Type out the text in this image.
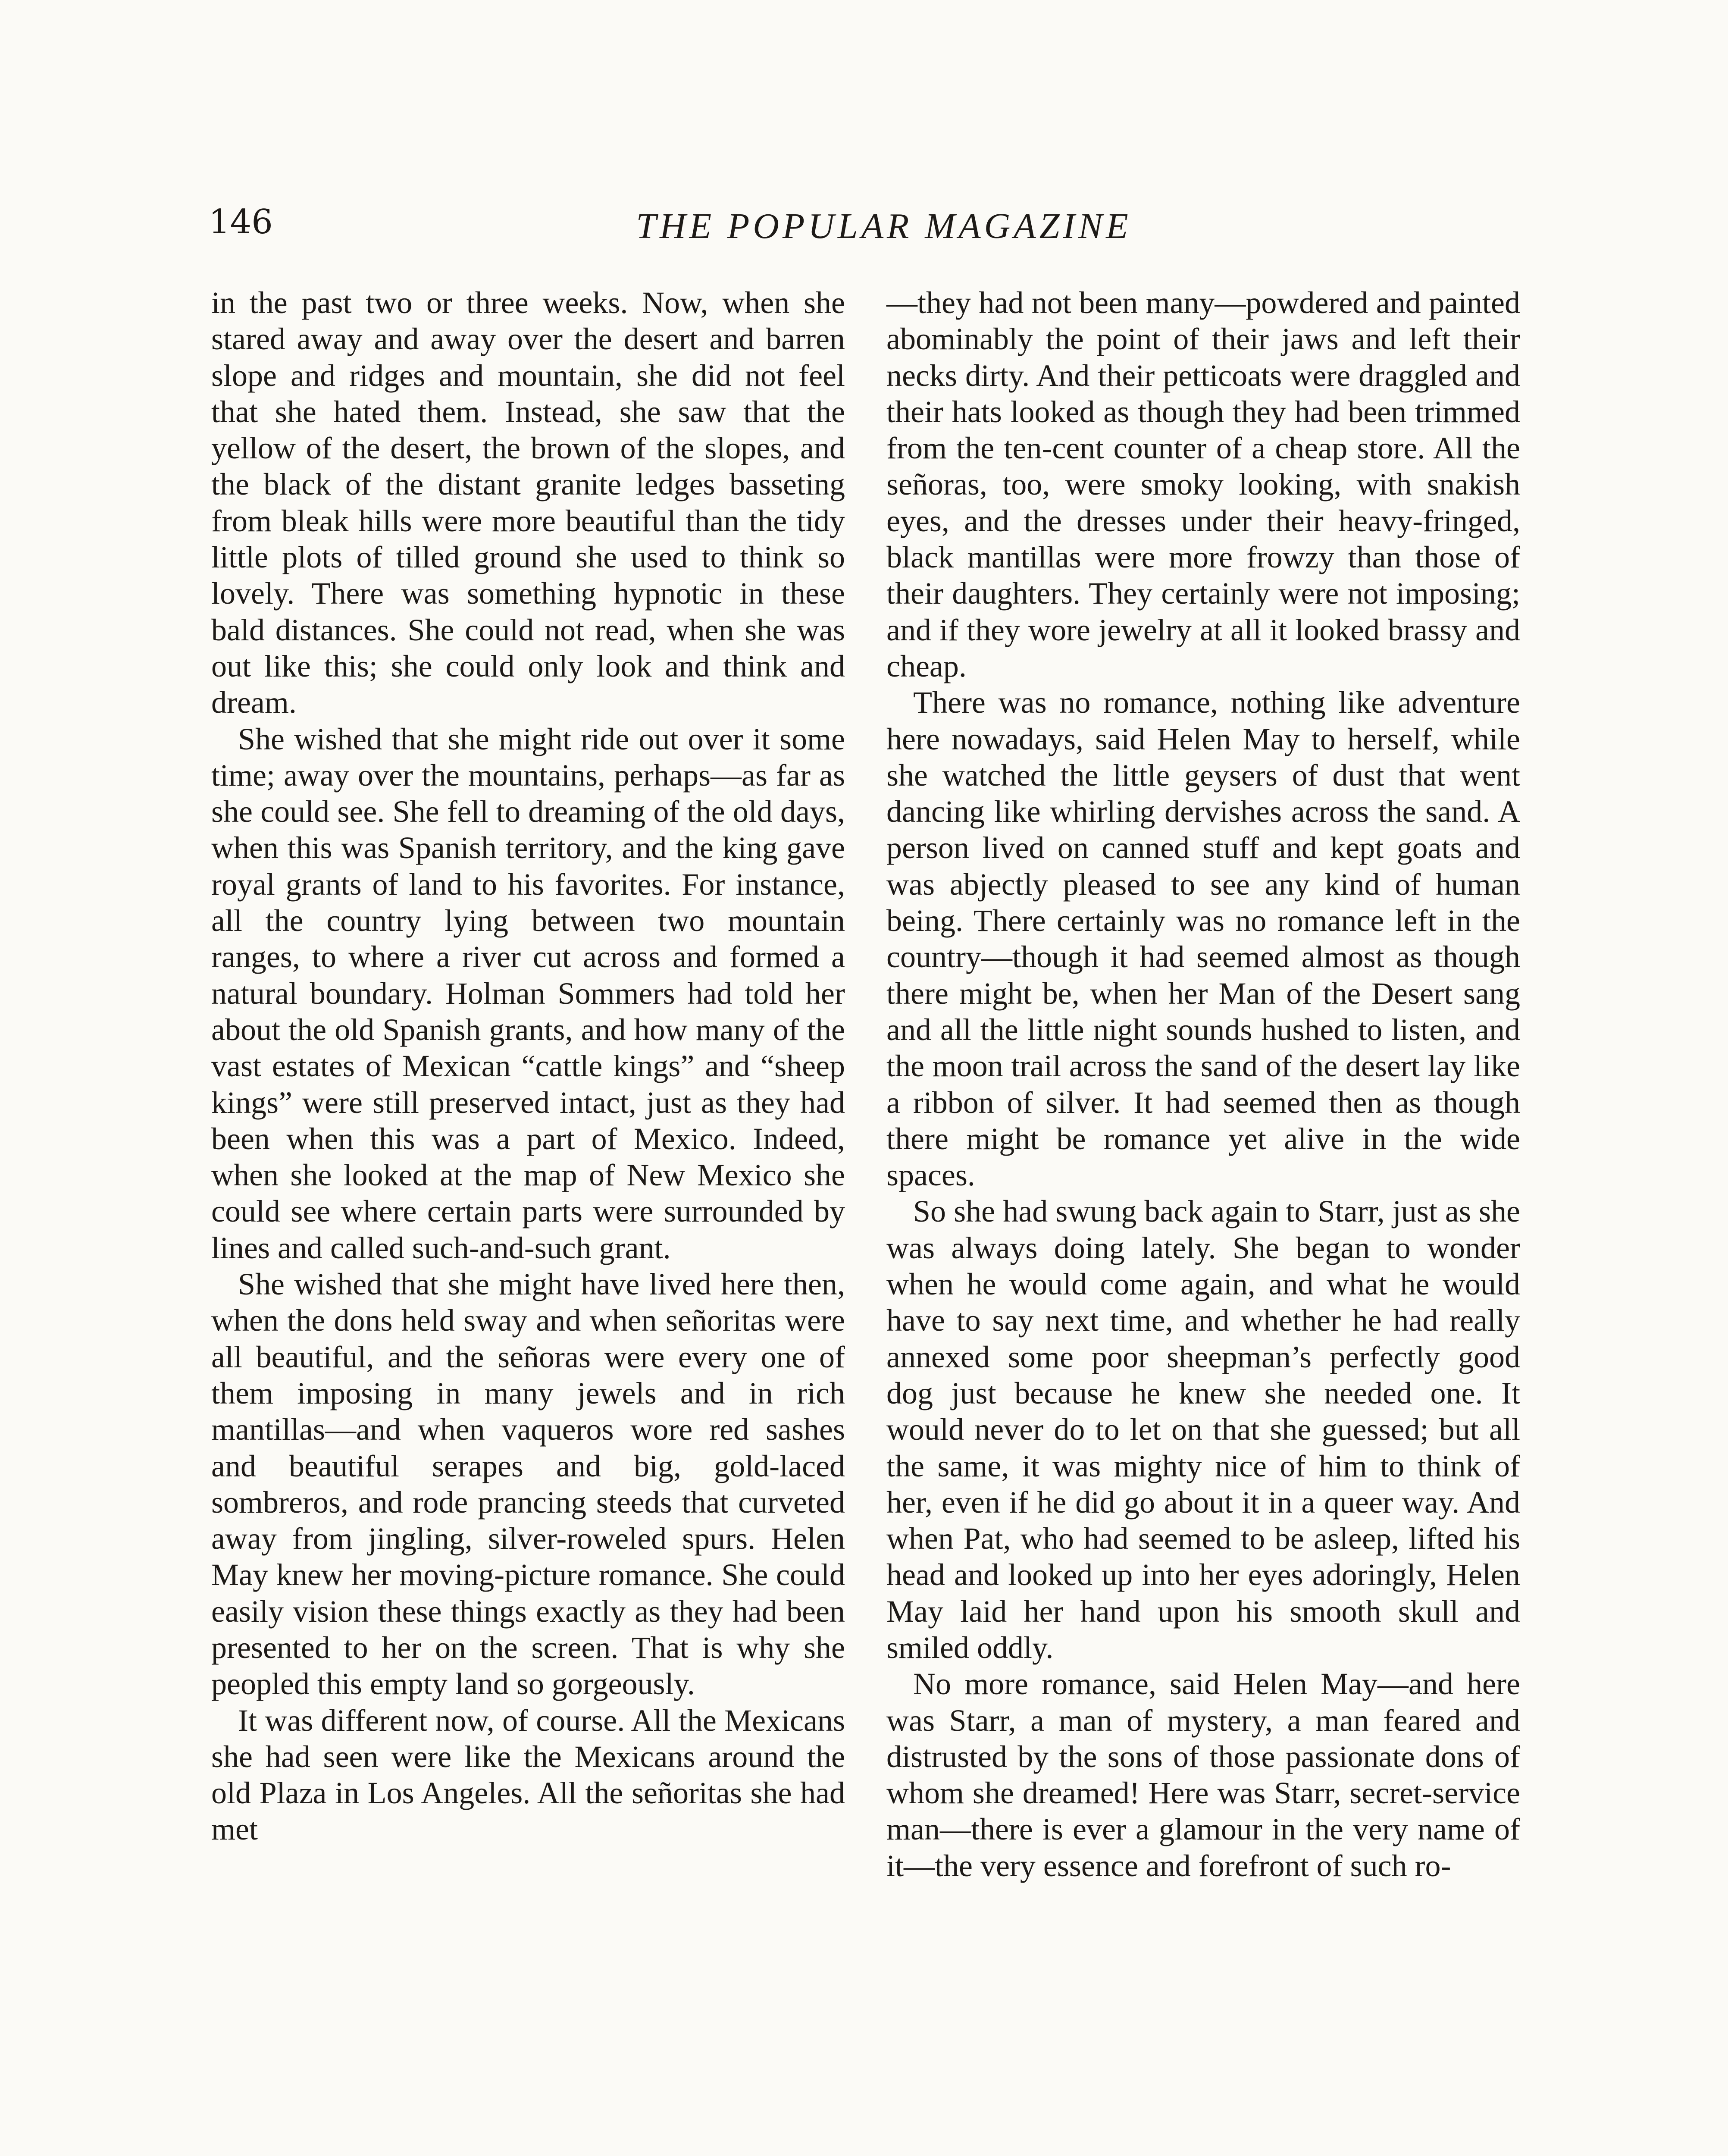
146	THE POPULAR MAGAZINE

in the past two or three weeks. Now, when she stared away and away over the desert and barren slope and ridges and mountain, she did not feel that she hated them. Instead, she saw that the yellow of the desert, the brown of the slopes, and the black of the distant granite ledges basseting from bleak hills were more beautiful than the tidy little plots of tilled ground she used to think so lovely. There was something hypnotic in these bald distances. She could not read, when she was out like this; she could only look and think and dream.

She wished that she might ride out over it some time; away over the mountains, perhaps—as far as she could see. She fell to dreaming of the old days, when this was Spanish territory, and the king gave royal grants of land to his favorites. For instance, all the country lying between two mountain ranges, to where a river cut across and formed a natural boundary. Holman Sommers had told her about the old Spanish grants, and how many of the vast estates of Mexican “cattle kings” and “sheep kings” were still preserved intact, just as they had been when this was a part of Mexico. Indeed, when she looked at the map of New Mexico she could see where certain parts were surrounded by lines and called such-and-such grant.

She wished that she might have lived here then, when the dons held sway and when señoritas were all beautiful, and the señoras were every one of them imposing in many jewels and in rich mantillas—and when vaqueros wore red sashes and beautiful serapes and big, gold-laced sombreros, and rode prancing steeds that curveted away from jingling, silver-roweled spurs. Helen May knew her moving-picture romance. She could easily vision these things exactly as they had been presented to her on the screen. That is why she peopled this empty land so gorgeously.

It was different now, of course. All the Mexicans she had seen were like the Mexicans around the old Plaza in Los Angeles. All the señoritas she had met

—they had not been many—powdered and painted abominably the point of their jaws and left their necks dirty. And their petticoats were draggled and their hats looked as though they had been trimmed from the ten-cent counter of a cheap store. All the señoras, too, were smoky looking, with snakish eyes, and the dresses under their heavy-fringed, black mantillas were more frowzy than those of their daughters. They certainly were not imposing; and if they wore jewelry at all it looked brassy and cheap.

There was no romance, nothing like adventure here nowadays, said Helen May to herself, while she watched the little geysers of dust that went dancing like whirling dervishes across the sand. A person lived on canned stuff and kept goats and was abjectly pleased to see any kind of human being. There certainly was no romance left in the country—though it had seemed almost as though there might be, when her Man of the Desert sang and all the little night sounds hushed to listen, and the moon trail across the sand of the desert lay like a ribbon of silver. It had seemed then as though there might be romance yet alive in the wide spaces.

So she had swung back again to Starr, just as she was always doing lately. She began to wonder when he would come again, and what he would have to say next time, and whether he had really annexed some poor sheepman’s perfectly good dog just because he knew she needed one. It would never do to let on that she guessed; but all the same, it was mighty nice of him to think of her, even if he did go about it in a queer way. And when Pat, who had seemed to be asleep, lifted his head and looked up into her eyes adoringly, Helen May laid her hand upon his smooth skull and smiled oddly.

No more romance, said Helen May—and here was Starr, a man of mystery, a man feared and distrusted by the sons of those passionate dons of whom she dreamed! Here was Starr, secret-service man—there is ever a glamour in the very name of it—the very essence and forefront of such ro-
